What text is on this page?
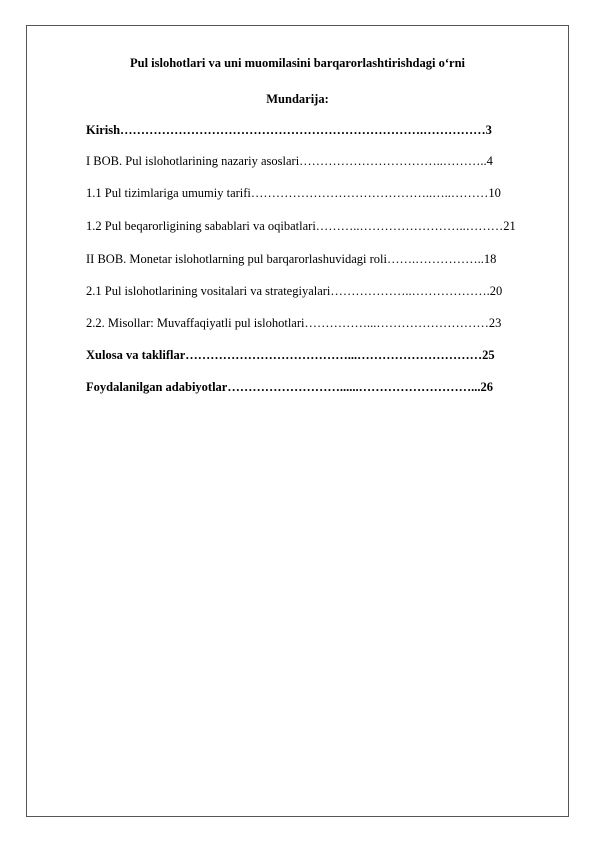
Pul islohotlari va uni muomilasini barqarorlashtirishdagi o‘rni
Mundarija:
Kirish……………………………………………………………….……………3
I BOB. Pul islohotlarining nazariy asoslari……………………………..………..4
1.1 Pul tizimlariga umumiy tarifi……………………………………..…..………10
1.2 Pul beqarorligining sabablari va oqibatlari………..……………………..………21
II BOB. Monetar islohotlarning pul barqarorlashuvidagi roli…….……………..18
2.1 Pul islohotlarining vositalari va strategiyalari………………..……………….20
2.2. Misollar: Muvaffaqiyatli pul islohotlari……………...………………………23
Xulosa va takliflar…………………………………...…………………………25
Foydalanilgan adabiyotlar………………………......………………………...26
